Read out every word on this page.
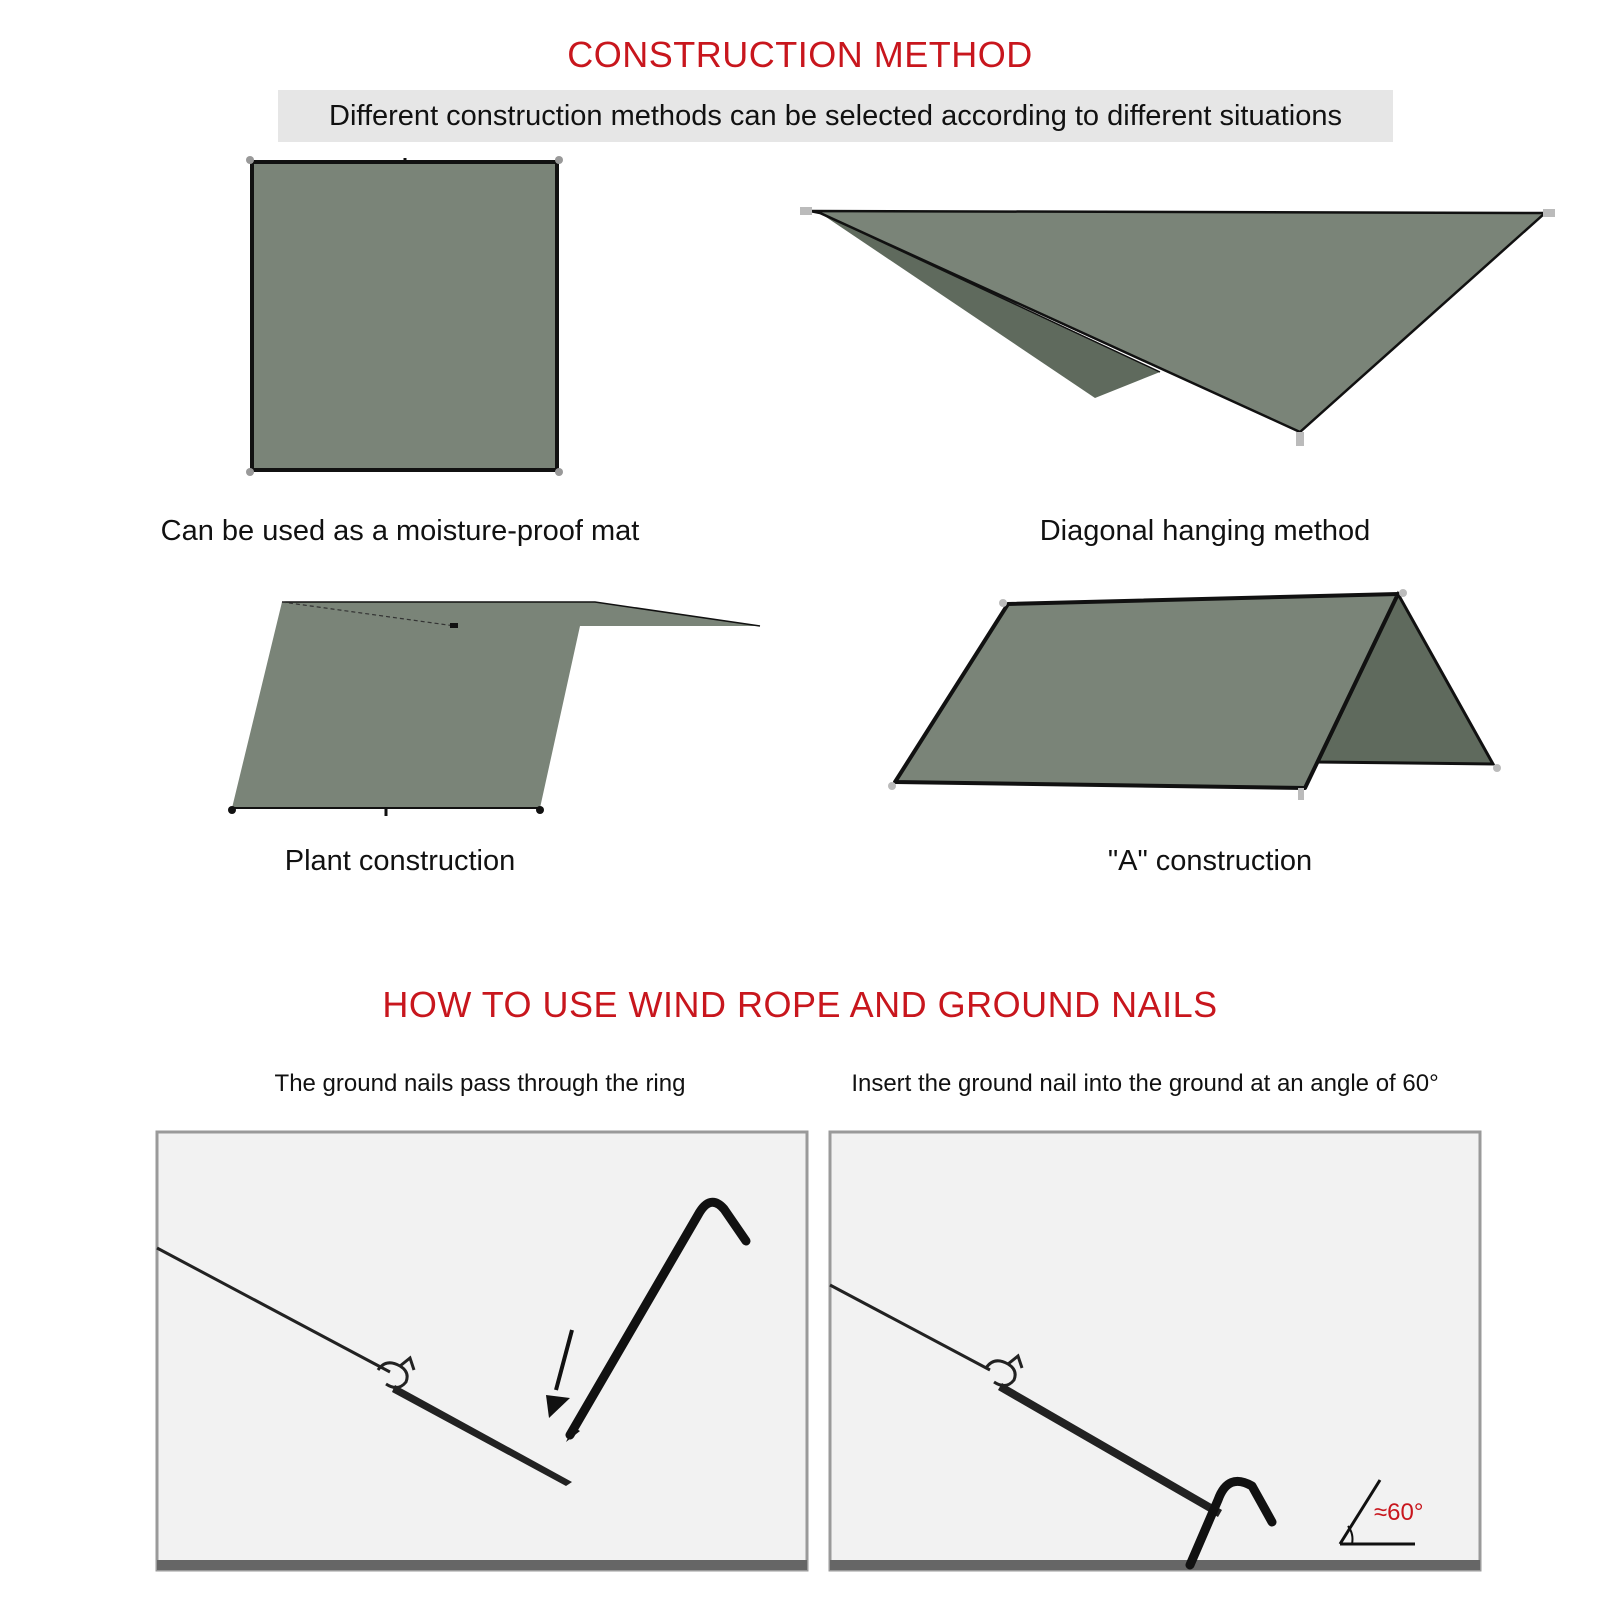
CONSTRUCTION METHOD
Different construction methods can be selected according to different situations
Can be used as a moisture-proof mat	Diagonal hanging method
Plant construction	"A" construction
HOW TO USE WIND ROPE AND GROUND NAILS
The ground nails pass through the ring	Insert the ground nail into the ground at an angle of 60°
≈60°
